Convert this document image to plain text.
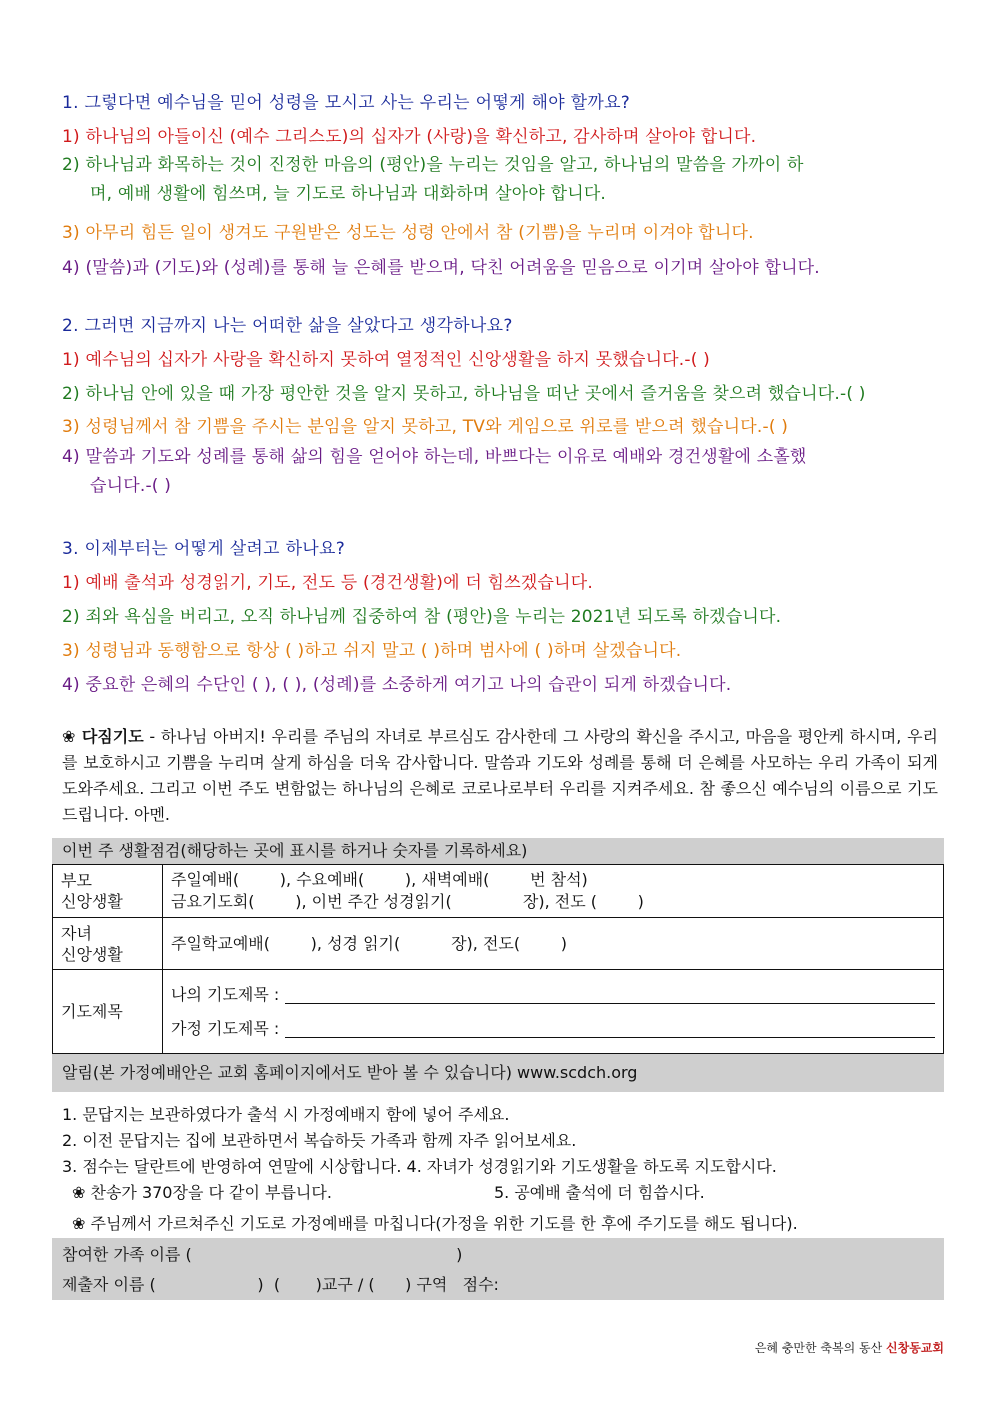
1. 그렇다면 예수님을 믿어 성령을 모시고 사는 우리는 어떻게 해야 할까요?
1) 하나님의 아들이신 (예수 그리스도)의 십자가 (사랑)을 확신하고, 감사하며 살아야 합니다.
2) 하나님과 화목하는 것이 진정한 마음의 (평안)을 누리는 것임을 알고, 하나님의 말씀을 가까이 하
며, 예배 생활에 힘쓰며, 늘 기도로 하나님과 대화하며 살아야 합니다.
3) 아무리 힘든 일이 생겨도 구원받은 성도는 성령 안에서 참 (기쁨)을 누리며 이겨야 합니다.
4) (말씀)과 (기도)와 (성례)를 통해 늘 은혜를 받으며, 닥친 어려움을 믿음으로 이기며 살아야 합니다.
2. 그러면 지금까지 나는 어떠한 삶을 살았다고 생각하나요?
1) 예수님의 십자가 사랑을 확신하지 못하여 열정적인 신앙생활을 하지 못했습니다.-( )
2) 하나님 안에 있을 때 가장 평안한 것을 알지 못하고, 하나님을 떠난 곳에서 즐거움을 찾으려 했습니다.-( )
3) 성령님께서 참 기쁨을 주시는 분임을 알지 못하고, TV와 게임으로 위로를 받으려 했습니다.-( )
4) 말씀과 기도와 성례를 통해 삶의 힘을 얻어야 하는데, 바쁘다는 이유로 예배와 경건생활에 소홀했
습니다.-( )
3. 이제부터는 어떻게 살려고 하나요?
1) 예배 출석과 성경읽기, 기도, 전도 등 (경건생활)에 더 힘쓰겠습니다.
2) 죄와 욕심을 버리고, 오직 하나님께 집중하여 참 (평안)을 누리는 2021년 되도록 하겠습니다.
3) 성령님과 동행함으로 항상 ( )하고 쉬지 말고 ( )하며 범사에 ( )하며 살겠습니다.
4) 중요한 은혜의 수단인 ( ), ( ), (성례)를 소중하게 여기고 나의 습관이 되게 하겠습니다.
❀ 다짐기도 - 하나님 아버지! 우리를 주님의 자녀로 부르심도 감사한데 그 사랑의 확신을 주시고, 마음을 평안케 하시며, 우리를 보호하시고 기쁨을 누리며 살게 하심을 더욱 감사합니다. 말씀과 기도와 성례를 통해 더 은혜를 사모하는 우리 가족이 되게 도와주세요. 그리고 이번 주도 변함없는 하나님의 은혜로 코로나로부터 우리를 지켜주세요. 참 좋으신 예수님의 이름으로 기도드립니다. 아멘.
이번 주 생활점검(해당하는 곳에 표시를 하거나 숫자를 기록하세요)
부모
신앙생활
주일예배(        ), 수요예배(        ), 새벽예배(        번 참석)
금요기도회(        ), 이번 주간 성경읽기(              장), 전도 (        )
자녀
신앙생활
주일학교예배(        ), 성경 읽기(          장), 전도(        )
기도제목
나의 기도제목 :
가정 기도제목 :
알림(본 가정예배안은 교회 홈페이지에서도 받아 볼 수 있습니다) www.scdch.org
1. 문답지는 보관하였다가 출석 시 가정예배지 함에 넣어 주세요.
2. 이전 문답지는 집에 보관하면서 복습하듯 가족과 함께 자주 읽어보세요.
3. 점수는 달란트에 반영하여 연말에 시상합니다. 4. 자녀가 성경읽기와 기도생활을 하도록 지도합시다.
❀ 찬송가 370장을 다 같이 부릅니다.	5. 공예배 출석에 더 힘씁시다.
❀ 주님께서 가르쳐주신 기도로 가정예배를 마칩니다(가정을 위한 기도를 한 후에 주기도를 해도 됩니다).
참여한 가족 이름 (                                                    )
제출자 이름 (                    )  (       )교구 / (      ) 구역   점수:
은혜 충만한 축복의 동산 신창동교회
